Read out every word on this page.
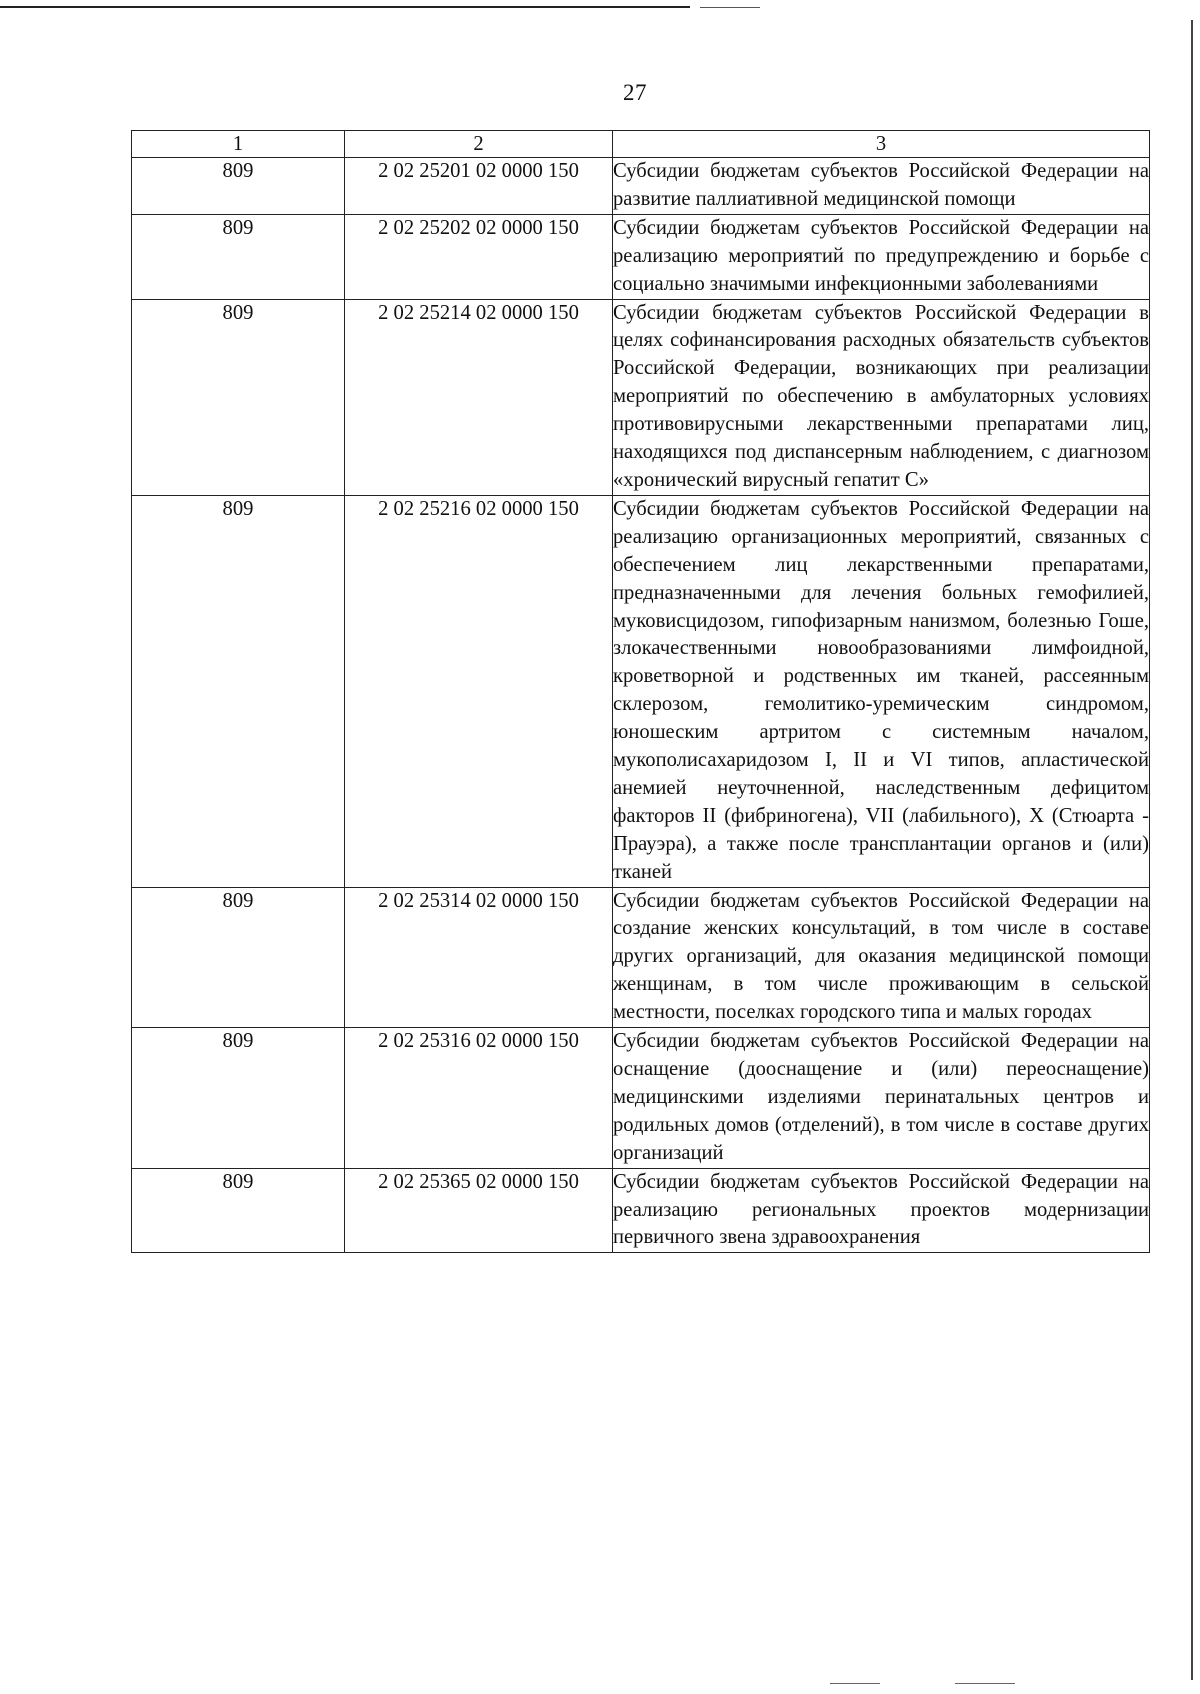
27
1	2	3
809	2 02 25201 02 0000 150	Субсидии бюджетам субъектов Российской Федерации на развитие паллиативной медицинской помощи
809	2 02 25202 02 0000 150	Субсидии бюджетам субъектов Российской Федерации на реализацию мероприятий по предупреждению и борьбе с социально значимыми инфекционными заболеваниями
809	2 02 25214 02 0000 150	Субсидии бюджетам субъектов Российской Федерации в целях софинансирования расходных обязательств субъектов Российской Федерации, возникающих при реализации мероприятий по обеспечению в амбулаторных условиях противовирусными лекарственными препаратами лиц, находящихся под диспансерным наблюдением, с диагнозом «хронический вирусный гепатит С»
809	2 02 25216 02 0000 150	Субсидии бюджетам субъектов Российской Федерации на реализацию организационных мероприятий, связанных с обеспечением лиц лекарственными препаратами, предназначенными для лечения больных гемофилией, муковисцидозом, гипофизарным нанизмом, болезнью Гоше, злокачественными новообразованиями лимфоидной, кроветворной и родственных им тканей, рассеянным склерозом, гемолитико-уремическим синдромом, юношеским артритом с системным началом, мукополисахаридозом I, II и VI типов, апластической анемией неуточненной, наследственным дефицитом факторов II (фибриногена), VII (лабильного), X (Стюарта - Прауэра), а также после трансплантации органов и (или) тканей
809	2 02 25314 02 0000 150	Субсидии бюджетам субъектов Российской Федерации на создание женских консультаций, в том числе в составе других организаций, для оказания медицинской помощи женщинам, в том числе проживающим в сельской местности, поселках городского типа и малых городах
809	2 02 25316 02 0000 150	Субсидии бюджетам субъектов Российской Федерации на оснащение (дооснащение и (или) переоснащение) медицинскими изделиями перинатальных центров и родильных домов (отделений), в том числе в составе других организаций
809	2 02 25365 02 0000 150	Субсидии бюджетам субъектов Российской Федерации на реализацию региональных проектов модернизации первичного звена здравоохранения
